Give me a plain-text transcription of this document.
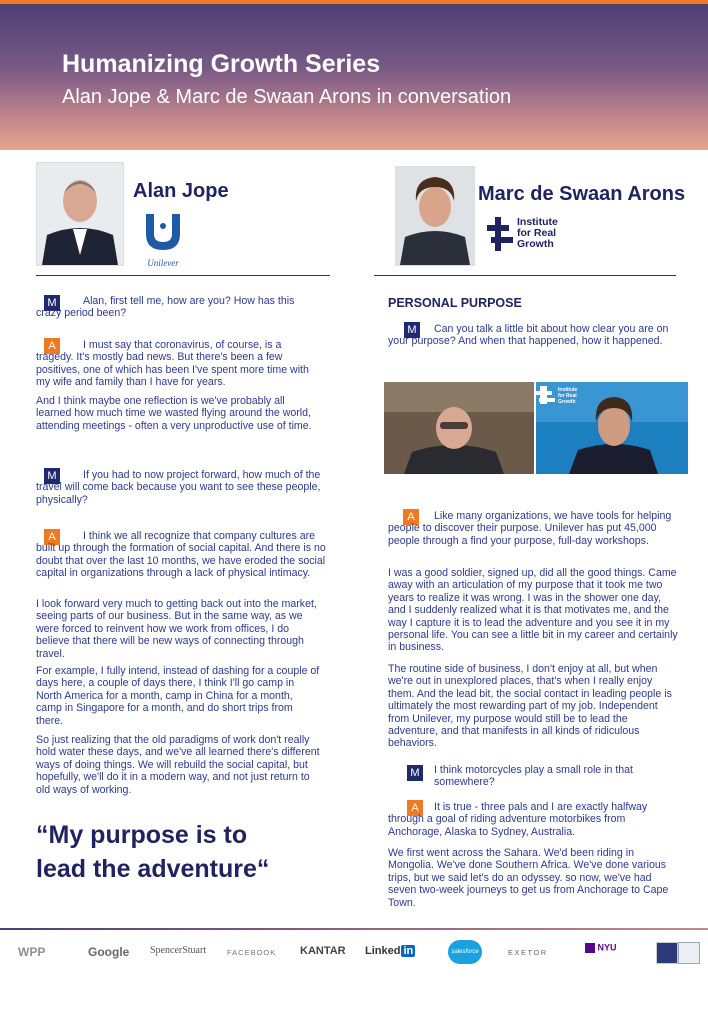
Humanizing Growth Series
Alan Jope & Marc de Swaan Arons in conversation
Alan Jope
Unilever
Marc de Swaan Arons
Institute
for Real
Growth
M	Alan, first tell me, how are you? How has this crazy period been?

A	I must say that coronavirus, of course, is a tragedy. It's mostly bad news. But there's been a few positives, one of which has been I've spent more time with my wife and family than I have for years.

And I think maybe one reflection is we've probably all learned how much time we wasted flying around the world, attending meetings - often a very unproductive use of time.

M	If you had to now project forward, how much of the travel will come back because you want to see these people, physically?

A	I think we all recognize that company cultures are built up through the formation of social capital. And there is no doubt that over the last 10 months, we have eroded the social capital in organizations through a lack of physical intimacy.

I look forward very much to getting back out into the market, seeing parts of our business. But in the same way, as we were forced to reinvent how we work from offices, I do believe that there will be new ways of connecting through travel.

For example, I fully intend, instead of dashing for a couple of days here, a couple of days there, I think I'll go camp in North America for a month, camp in China for a month, camp in Singapore for a month, and do short trips from there.

So just realizing that the old paradigms of work don't really hold water these days, and we've all learned there's different ways of doing things. We will rebuild the social capital, but hopefully, we'll do it in a modern way, and not just return to old ways of working.

“My purpose is to
lead the adventure“
PERSONAL PURPOSE
M	Can you talk a little bit about how clear you are on your purpose? And when that happened, how it happened.

Institute
for Real
Growth
A	Like many organizations, we have tools for helping people to discover their purpose. Unilever has put 45,000 people through a find your purpose, full-day workshops.

I was a good soldier, signed up, did all the good things. Came away with an articulation of my purpose that it took me two years to realize it was wrong. I was in the shower one day, and I suddenly realized what it is that motivates me, and the way I capture it is to lead the adventure and you see it in my personal life. You can see a little bit in my career and certainly in business.

The routine side of business, I don't enjoy at all, but when we're out in unexplored places, that's when I really enjoy them. And the lead bit, the social contact in leading people is ultimately the most rewarding part of my job. Independent from Unilever, my purpose would still be to lead the adventure, and that manifests in all kinds of ridiculous behaviors.

M	I think motorcycles play a small role in that somewhere?

A	It is true - three pals and I are exactly halfway through a goal of riding adventure motorbikes from Anchorage, Alaska to Sydney, Australia.

We first went across the Sahara. We'd been riding in Mongolia. We've done Southern Africa. We've done various trips, but we said let's do an odyssey. so now, we've had seven two-week journeys to get us from Anchorage to Cape Town.

WPP	Google SpencerStuart	FACEBOOK KANTAR Linked in	salesforce	EXETOR	NYU
